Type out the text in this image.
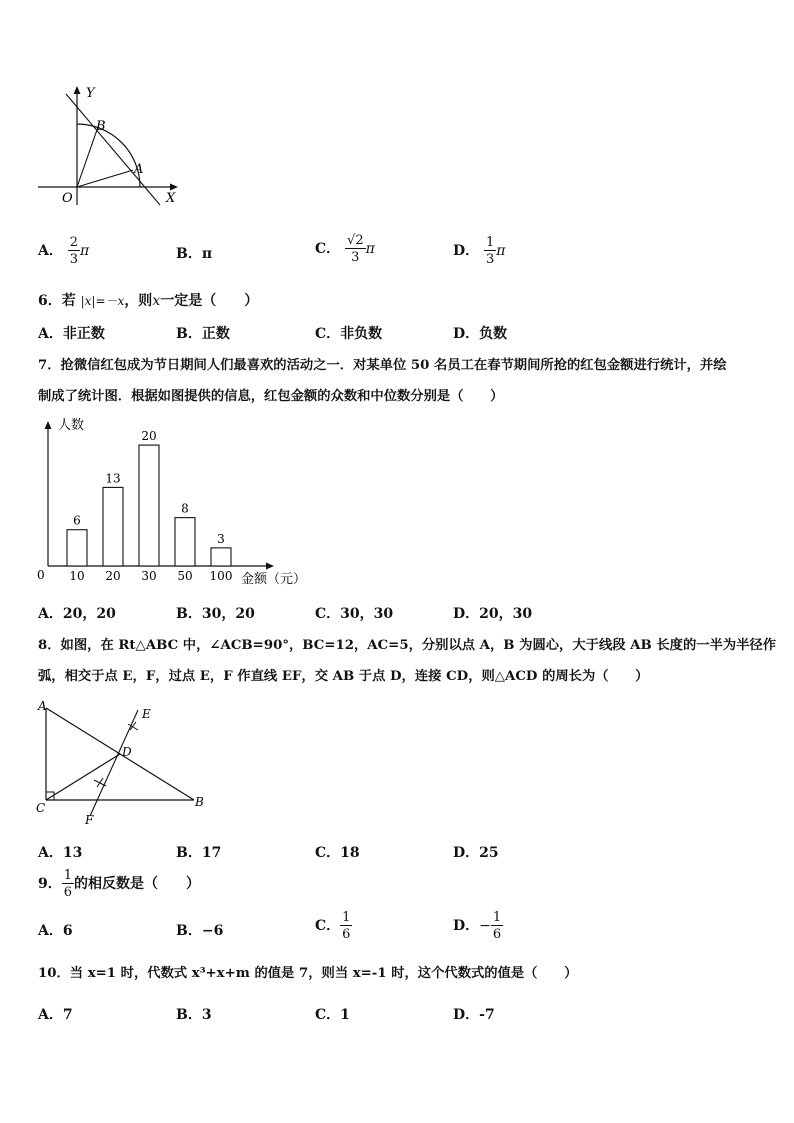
Y
X
O
B
A
A． $\frac{2}{3}$ π	B．π	C． $\frac{√2}{3}$ π	D． $\frac{1}{3}$ π
6．若 |x|=－x，则x一定是（　　）
A．非正数	B．正数	C．非负数	D．负数
7．抢微信红包成为节日期间人们最喜欢的活动之一．对某单位 50 名员工在春节期间所抢的红包金额进行统计，并绘
制成了统计图．根据如图提供的信息，红包金额的众数和中位数分别是（　　）
人数
金额（元）
0
6
10
13
20
20
30
8
50
3
100
A．20，20	B．30，20	C．30，30	D．20，30
8．如图，在 Rt△ABC 中，∠ACB=90°，BC=12，AC=5，分别以点 A，B 为圆心，大于线段 AB 长度的一半为半径作
弧，相交于点 E，F，过点 E，F 作直线 EF，交 AB 于点 D，连接 CD，则△ACD 的周长为（　　）
A
C	B
D
E
F
A．13	B．17	C．18	D．25
9． $\frac{1}{6}$ 的相反数是（　　）
A．6	B．−6	C． $\frac{1}{6}$	D．− $\frac{1}{6}$
10．当 x=1 时，代数式 x³+x+m 的值是 7，则当 x=-1 时，这个代数式的值是（　　）
A．7	B．3	C．1	D．-7
